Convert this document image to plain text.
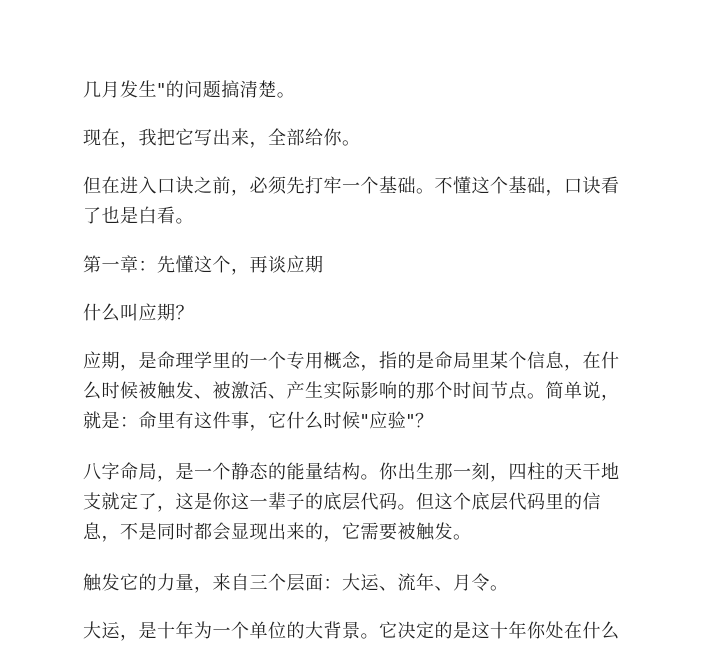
几月发生"的问题搞清楚。

现在，我把它写出来，全部给你。

但在进入口诀之前，必须先打牢一个基础。不懂这个基础，口诀看
了也是白看。

第一章：先懂这个，再谈应期

什么叫应期？

应期，是命理学里的一个专用概念，指的是命局里某个信息，在什
么时候被触发、被激活、产生实际影响的那个时间节点。简单说，
就是：命里有这件事，它什么时候"应验"？

八字命局，是一个静态的能量结构。你出生那一刻，四柱的天干地
支就定了，这是你这一辈子的底层代码。但这个底层代码里的信
息，不是同时都会显现出来的，它需要被触发。

触发它的力量，来自三个层面：大运、流年、月令。

大运，是十年为一个单位的大背景。它决定的是这十年你处在什么
